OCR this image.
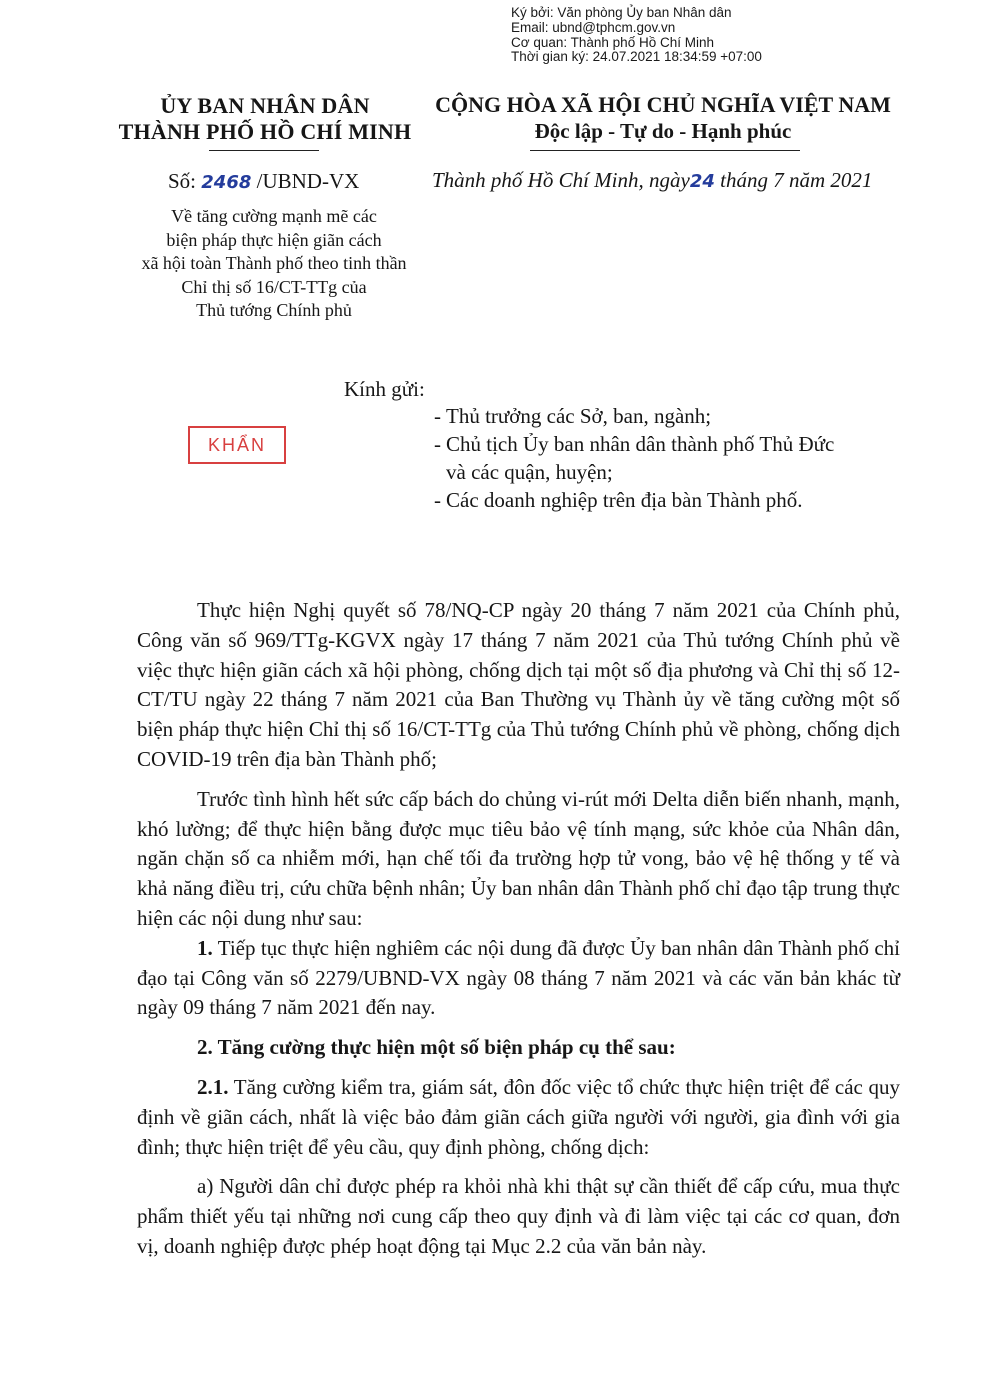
Ký bởi: Văn phòng Ủy ban Nhân dân
Email: ubnd@tphcm.gov.vn
Cơ quan: Thành phố Hồ Chí Minh
Thời gian ký: 24.07.2021 18:34:59 +07:00
ỦY BAN NHÂN DÂN
THÀNH PHỐ HỒ CHÍ MINH
CỘNG HÒA XÃ HỘI CHỦ NGHĨA VIỆT NAM
Độc lập - Tự do - Hạnh phúc
Số: 2468 /UBND-VX	Thành phố Hồ Chí Minh, ngày24 tháng 7 năm 2021
Về tăng cường mạnh mẽ các
biện pháp thực hiện giãn cách
xã hội toàn Thành phố theo tinh thần
Chỉ thị số 16/CT-TTg của
Thủ tướng Chính phủ
KHẨN
Kính gửi:
- Thủ trưởng các Sở, ban, ngành;
- Chủ tịch Ủy ban nhân dân thành phố Thủ Đức
và các quận, huyện;
- Các doanh nghiệp trên địa bàn Thành phố.

Thực hiện Nghị quyết số 78/NQ-CP ngày 20 tháng 7 năm 2021 của Chính phủ, Công văn số 969/TTg-KGVX ngày 17 tháng 7 năm 2021 của Thủ tướng Chính phủ về việc thực hiện giãn cách xã hội phòng, chống dịch tại một số địa phương và Chỉ thị số 12-CT/TU ngày 22 tháng 7 năm 2021 của Ban Thường vụ Thành ủy về tăng cường một số biện pháp thực hiện Chỉ thị số 16/CT-TTg của Thủ tướng Chính phủ về phòng, chống dịch COVID-19 trên địa bàn Thành phố;

Trước tình hình hết sức cấp bách do chủng vi-rút mới Delta diễn biến nhanh, mạnh, khó lường; để thực hiện bằng được mục tiêu bảo vệ tính mạng, sức khỏe của Nhân dân, ngăn chặn số ca nhiễm mới, hạn chế tối đa trường hợp tử vong, bảo vệ hệ thống y tế và khả năng điều trị, cứu chữa bệnh nhân; Ủy ban nhân dân Thành phố chỉ đạo tập trung thực hiện các nội dung như sau:

1. Tiếp tục thực hiện nghiêm các nội dung đã được Ủy ban nhân dân Thành phố chỉ đạo tại Công văn số 2279/UBND-VX ngày 08 tháng 7 năm 2021 và các văn bản khác từ ngày 09 tháng 7 năm 2021 đến nay.

2. Tăng cường thực hiện một số biện pháp cụ thể sau:

2.1. Tăng cường kiểm tra, giám sát, đôn đốc việc tổ chức thực hiện triệt để các quy định về giãn cách, nhất là việc bảo đảm giãn cách giữa người với người, gia đình với gia đình; thực hiện triệt để yêu cầu, quy định phòng, chống dịch:

a) Người dân chỉ được phép ra khỏi nhà khi thật sự cần thiết để cấp cứu, mua thực phẩm thiết yếu tại những nơi cung cấp theo quy định và đi làm việc tại các cơ quan, đơn vị, doanh nghiệp được phép hoạt động tại Mục 2.2 của văn bản này.
